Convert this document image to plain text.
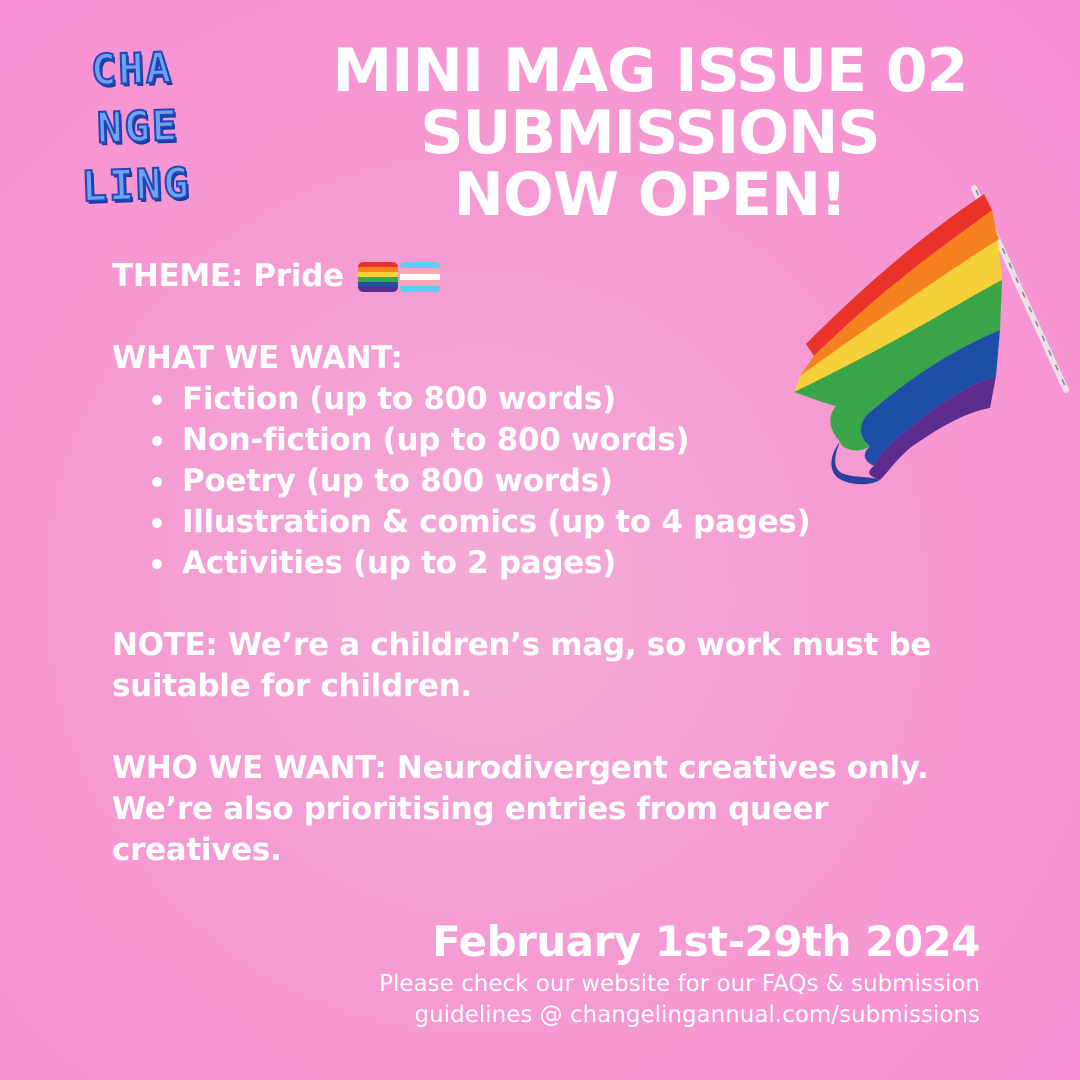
CHA
NGE
LING
MINI MAG ISSUE 02
SUBMISSIONS
NOW OPEN!
THEME: Pride
WHAT WE WANT:
Fiction (up to 800 words)
Non-fiction (up to 800 words)
Poetry (up to 800 words)
Illustration & comics (up to 4 pages)
Activities (up to 2 pages)
NOTE: We’re a children’s mag, so work must be suitable for children.
WHO WE WANT: Neurodivergent creatives only. We’re also prioritising entries from queer creatives.
February 1st-29th 2024
Please check our website for our FAQs & submission
guidelines @ changelingannual.com/submissions
